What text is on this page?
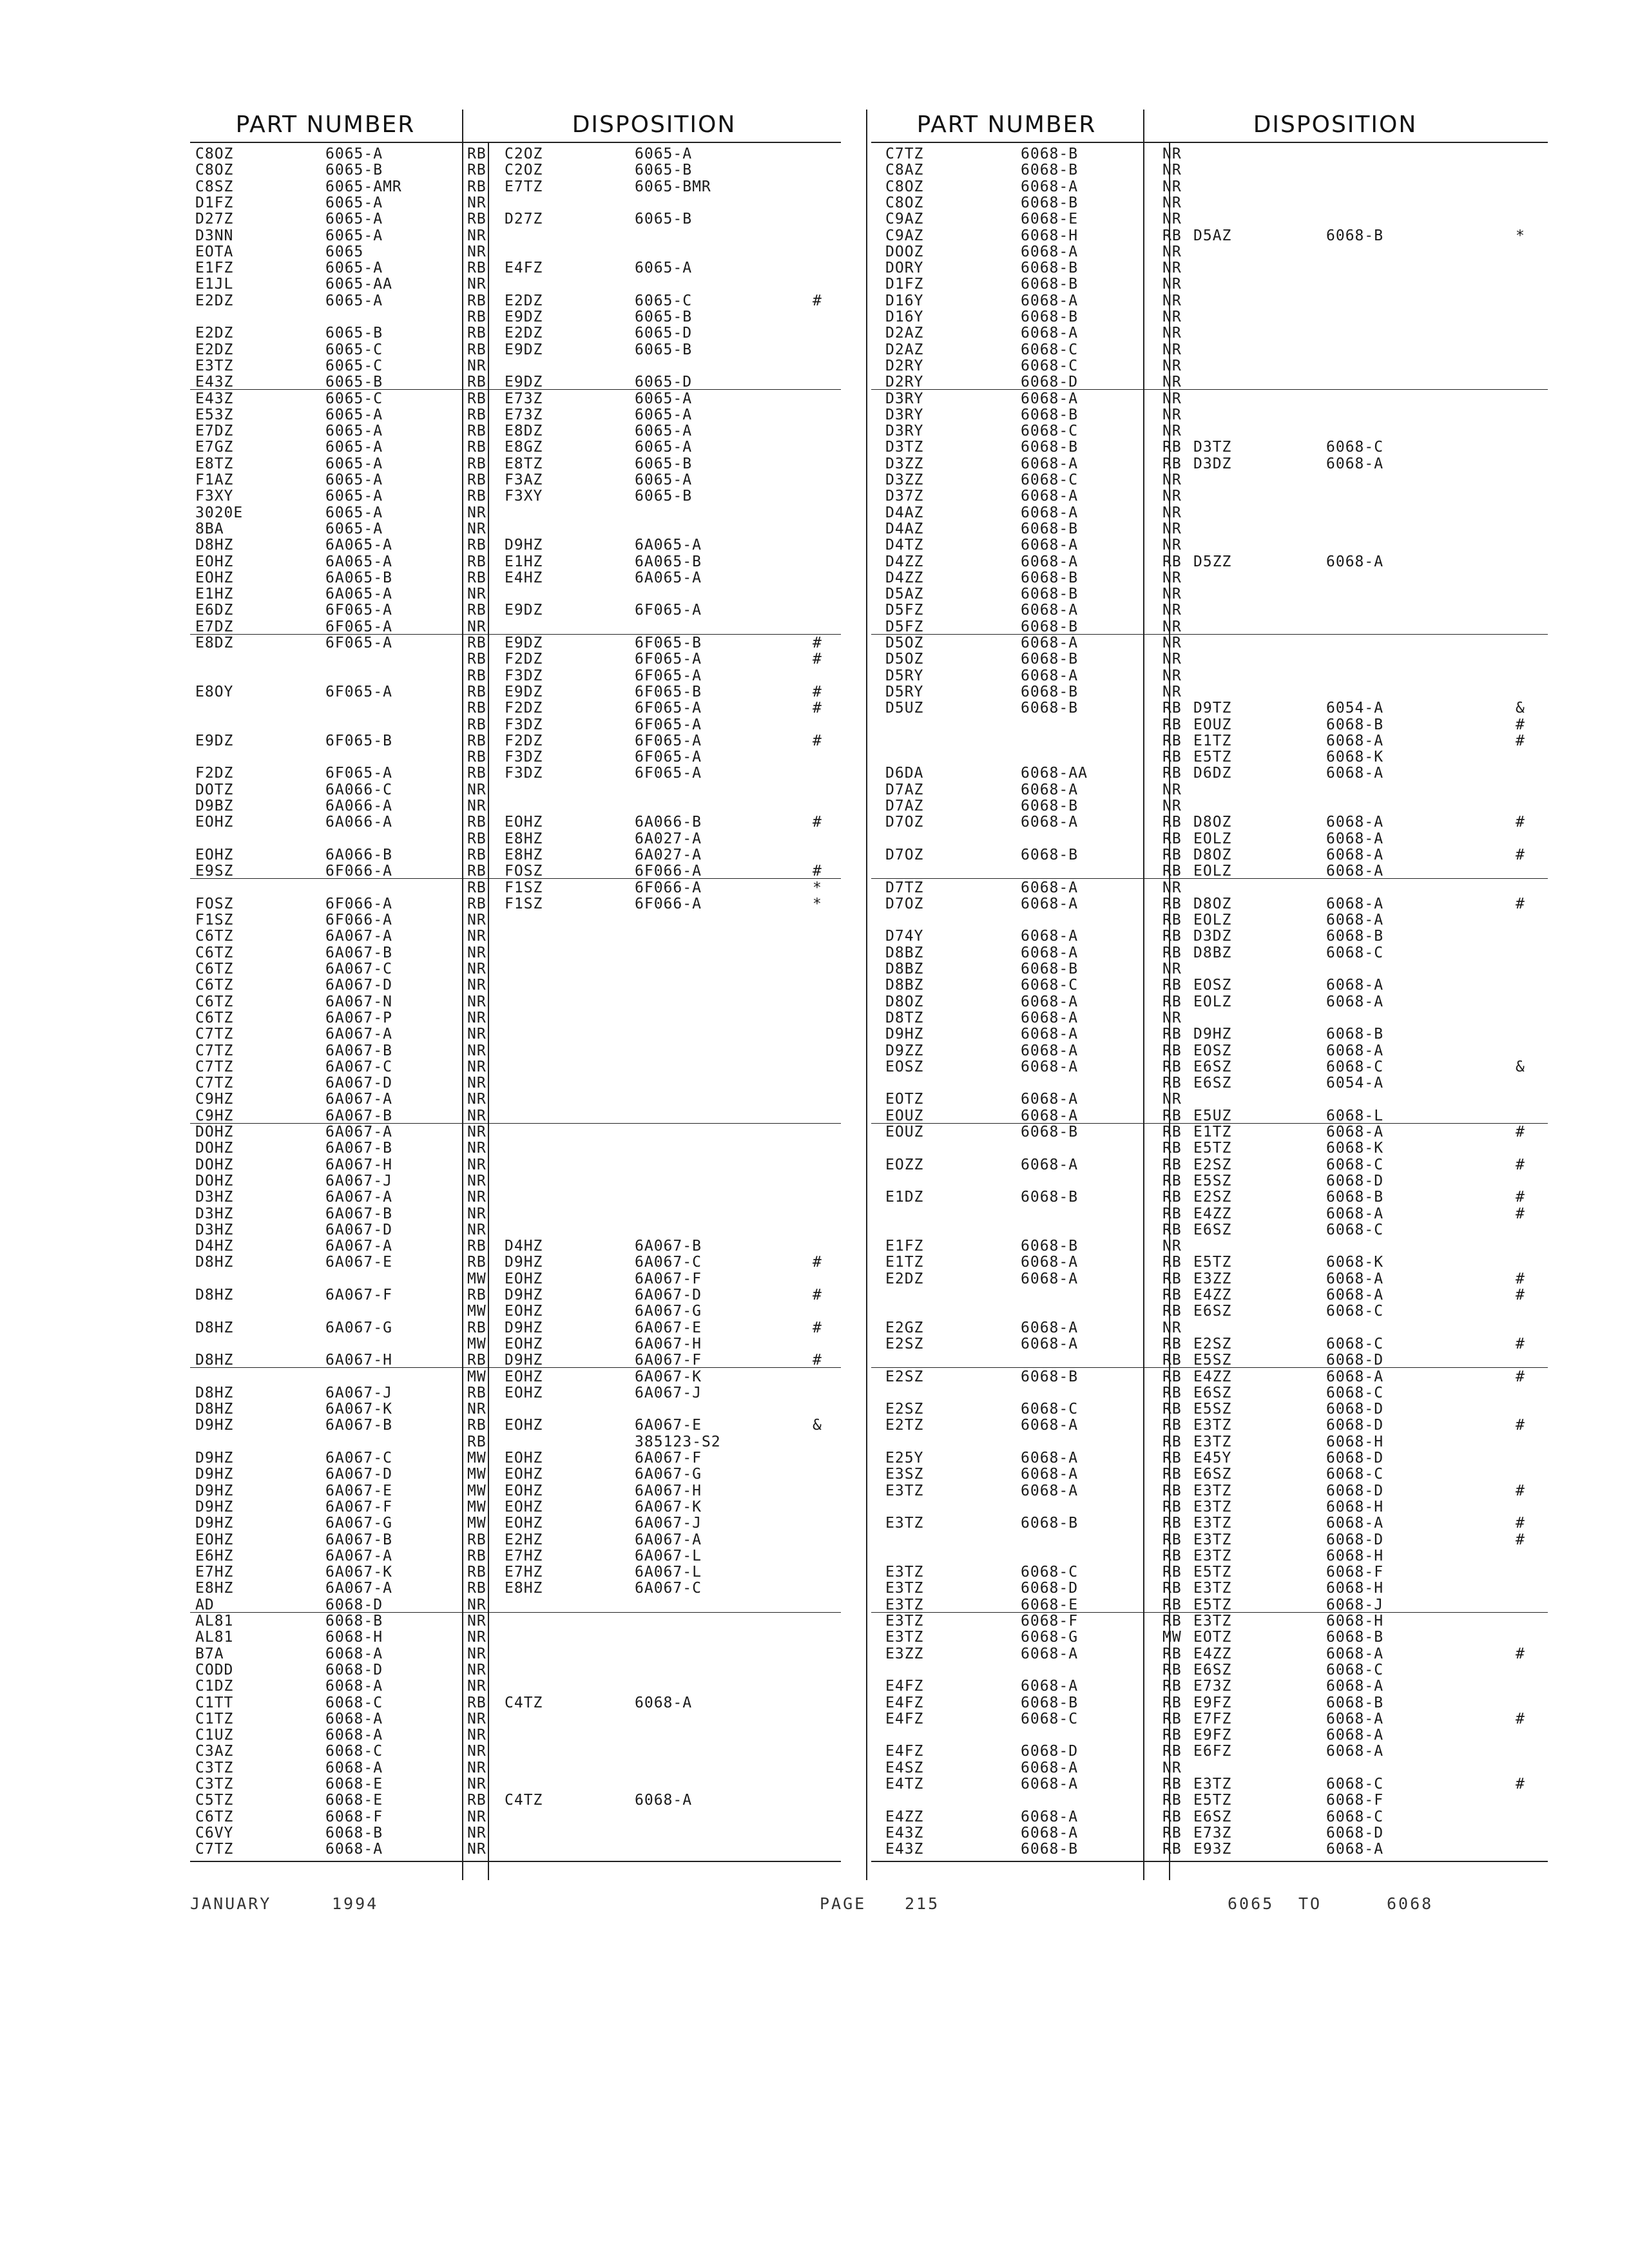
PART NUMBER	DISPOSITION
C8OZ	6065-A	RB C2OZ	6065-A
C8OZ	6065-B	RB C2OZ	6065-B
C8SZ	6065-AMR	RB E7TZ	6065-BMR
D1FZ	6065-A	NR
D27Z	6065-A	RB D27Z	6065-B
D3NN	6065-A	NR
EOTA	6065	NR
E1FZ	6065-A	RB E4FZ	6065-A
E1JL	6065-AA	NR
E2DZ	6065-A	RB E2DZ	6065-C	#
RB E9DZ	6065-B
E2DZ	6065-B	RB E2DZ	6065-D
E2DZ	6065-C	RB E9DZ	6065-B
E3TZ	6065-C	NR
E43Z	6065-B	RB E9DZ	6065-D
E43Z	6065-C	RB E73Z	6065-A
E53Z	6065-A	RB E73Z	6065-A
E7DZ	6065-A	RB E8DZ	6065-A
E7GZ	6065-A	RB E8GZ	6065-A
E8TZ	6065-A	RB E8TZ	6065-B
F1AZ	6065-A	RB F3AZ	6065-A
F3XY	6065-A	RB F3XY	6065-B
3020E	6065-A	NR
8BA	6065-A	NR
D8HZ	6A065-A	RB D9HZ	6A065-A
EOHZ	6A065-A	RB E1HZ	6A065-B
EOHZ	6A065-B	RB E4HZ	6A065-A
E1HZ	6A065-A	NR
E6DZ	6F065-A	RB E9DZ	6F065-A
E7DZ	6F065-A	NR
E8DZ	6F065-A	RB E9DZ	6F065-B	#
RB F2DZ	6F065-A	#
RB F3DZ	6F065-A
E8OY	6F065-A	RB E9DZ	6F065-B	#
RB F2DZ	6F065-A	#
RB F3DZ	6F065-A
E9DZ	6F065-B	RB F2DZ	6F065-A	#
RB F3DZ	6F065-A
F2DZ	6F065-A	RB F3DZ	6F065-A
DOTZ	6A066-C	NR
D9BZ	6A066-A	NR
EOHZ	6A066-A	RB EOHZ	6A066-B	#
RB E8HZ	6A027-A
EOHZ	6A066-B	RB E8HZ	6A027-A
E9SZ	6F066-A	RB FOSZ	6F066-A	#
RB F1SZ	6F066-A	*
FOSZ	6F066-A	RB F1SZ	6F066-A	*
F1SZ	6F066-A	NR
C6TZ	6A067-A	NR
C6TZ	6A067-B	NR
C6TZ	6A067-C	NR
C6TZ	6A067-D	NR
C6TZ	6A067-N	NR
C6TZ	6A067-P	NR
C7TZ	6A067-A	NR
C7TZ	6A067-B	NR
C7TZ	6A067-C	NR
C7TZ	6A067-D	NR
C9HZ	6A067-A	NR
C9HZ	6A067-B	NR
DOHZ	6A067-A	NR
DOHZ	6A067-B	NR
DOHZ	6A067-H	NR
DOHZ	6A067-J	NR
D3HZ	6A067-A	NR
D3HZ	6A067-B	NR
D3HZ	6A067-D	NR
D4HZ	6A067-A	RB D4HZ	6A067-B
D8HZ	6A067-E	RB D9HZ	6A067-C	#
MW EOHZ	6A067-F
D8HZ	6A067-F	RB D9HZ	6A067-D	#
MW EOHZ	6A067-G
D8HZ	6A067-G	RB D9HZ	6A067-E	#
MW EOHZ	6A067-H
D8HZ	6A067-H	RB D9HZ	6A067-F	#
MW EOHZ	6A067-K
D8HZ	6A067-J	RB EOHZ	6A067-J
D8HZ	6A067-K	NR
D9HZ	6A067-B	RB EOHZ	6A067-E	&
RB	385123-S2
D9HZ	6A067-C	MW EOHZ	6A067-F
D9HZ	6A067-D	MW EOHZ	6A067-G
D9HZ	6A067-E	MW EOHZ	6A067-H
D9HZ	6A067-F	MW EOHZ	6A067-K
D9HZ	6A067-G	MW EOHZ	6A067-J
EOHZ	6A067-B	RB E2HZ	6A067-A
E6HZ	6A067-A	RB E7HZ	6A067-L
E7HZ	6A067-K	RB E7HZ	6A067-L
E8HZ	6A067-A	RB E8HZ	6A067-C
AD	6068-D	NR
AL81	6068-B	NR
AL81	6068-H	NR
B7A	6068-A	NR
CODD	6068-D	NR
C1DZ	6068-A	NR
C1TT	6068-C	RB C4TZ	6068-A
C1TZ	6068-A	NR
C1UZ	6068-A	NR
C3AZ	6068-C	NR
C3TZ	6068-A	NR
C3TZ	6068-E	NR
C5TZ	6068-E	RB C4TZ	6068-A
C6TZ	6068-F	NR
C6VY	6068-B	NR
C7TZ	6068-A	NR
PART NUMBER	DISPOSITION
C7TZ	6068-B	NR
C8AZ	6068-B	NR
C8OZ	6068-A	NR
C8OZ	6068-B	NR
C9AZ	6068-E	NR
C9AZ	6068-H	RB D5AZ	6068-B	*
DOOZ	6068-A	NR
DORY	6068-B	NR
D1FZ	6068-B	NR
D16Y	6068-A	NR
D16Y	6068-B	NR
D2AZ	6068-A	NR
D2AZ	6068-C	NR
D2RY	6068-C	NR
D2RY	6068-D	NR
D3RY	6068-A	NR
D3RY	6068-B	NR
D3RY	6068-C	NR
D3TZ	6068-B	RB D3TZ	6068-C
D3ZZ	6068-A	RB D3DZ	6068-A
D3ZZ	6068-C	NR
D37Z	6068-A	NR
D4AZ	6068-A	NR
D4AZ	6068-B	NR
D4TZ	6068-A	NR
D4ZZ	6068-A	RB D5ZZ	6068-A
D4ZZ	6068-B	NR
D5AZ	6068-B	NR
D5FZ	6068-A	NR
D5FZ	6068-B	NR
D5OZ	6068-A	NR
D5OZ	6068-B	NR
D5RY	6068-A	NR
D5RY	6068-B	NR
D5UZ	6068-B	RB D9TZ	6054-A	&
RB EOUZ	6068-B	#
RB E1TZ	6068-A	#
RB E5TZ	6068-K
D6DA	6068-AA	RB D6DZ	6068-A
D7AZ	6068-A	NR
D7AZ	6068-B	NR
D7OZ	6068-A	RB D8OZ	6068-A	#
RB EOLZ	6068-A
D7OZ	6068-B	RB D8OZ	6068-A	#
RB EOLZ	6068-A
D7TZ	6068-A	NR
D7OZ	6068-A	RB D8OZ	6068-A	#
RB EOLZ	6068-A
D74Y	6068-A	RB D3DZ	6068-B
D8BZ	6068-A	RB D8BZ	6068-C
D8BZ	6068-B	NR
D8BZ	6068-C	RB EOSZ	6068-A
D8OZ	6068-A	RB EOLZ	6068-A
D8TZ	6068-A	NR
D9HZ	6068-A	RB D9HZ	6068-B
D9ZZ	6068-A	RB EOSZ	6068-A
EOSZ	6068-A	RB E6SZ	6068-C	&
RB E6SZ	6054-A
EOTZ	6068-A	NR
EOUZ	6068-A	RB E5UZ	6068-L
EOUZ	6068-B	RB E1TZ	6068-A	#
RB E5TZ	6068-K
EOZZ	6068-A	RB E2SZ	6068-C	#
RB E5SZ	6068-D
E1DZ	6068-B	RB E2SZ	6068-B	#
RB E4ZZ	6068-A	#
RB E6SZ	6068-C
E1FZ	6068-B	NR
E1TZ	6068-A	RB E5TZ	6068-K
E2DZ	6068-A	RB E3ZZ	6068-A	#
RB E4ZZ	6068-A	#
RB E6SZ	6068-C
E2GZ	6068-A	NR
E2SZ	6068-A	RB E2SZ	6068-C	#
RB E5SZ	6068-D
E2SZ	6068-B	RB E4ZZ	6068-A	#
RB E6SZ	6068-C
E2SZ	6068-C	RB E5SZ	6068-D
E2TZ	6068-A	RB E3TZ	6068-D	#
RB E3TZ	6068-H
E25Y	6068-A	RB E45Y	6068-D
E3SZ	6068-A	RB E6SZ	6068-C
E3TZ	6068-A	RB E3TZ	6068-D	#
RB E3TZ	6068-H
E3TZ	6068-B	RB E3TZ	6068-A	#
RB E3TZ	6068-D	#
RB E3TZ	6068-H
E3TZ	6068-C	RB E5TZ	6068-F
E3TZ	6068-D	RB E3TZ	6068-H
E3TZ	6068-E	RB E5TZ	6068-J
E3TZ	6068-F	RB E3TZ	6068-H
E3TZ	6068-G	MW EOTZ	6068-B
E3ZZ	6068-A	RB E4ZZ	6068-A	#
RB E6SZ	6068-C
E4FZ	6068-A	RB E73Z	6068-A
E4FZ	6068-B	RB E9FZ	6068-B
E4FZ	6068-C	RB E7FZ	6068-A	#
RB E9FZ	6068-A
E4FZ	6068-D	RB E6FZ	6068-A
E4SZ	6068-A	NR
E4TZ	6068-A	RB E3TZ	6068-C	#
RB E5TZ	6068-F
E4ZZ	6068-A	RB E6SZ	6068-C
E43Z	6068-A	RB E73Z	6068-D
E43Z	6068-B	RB E93Z	6068-A
JANUARY	1994	PAGE 215	6065 TO	6068
